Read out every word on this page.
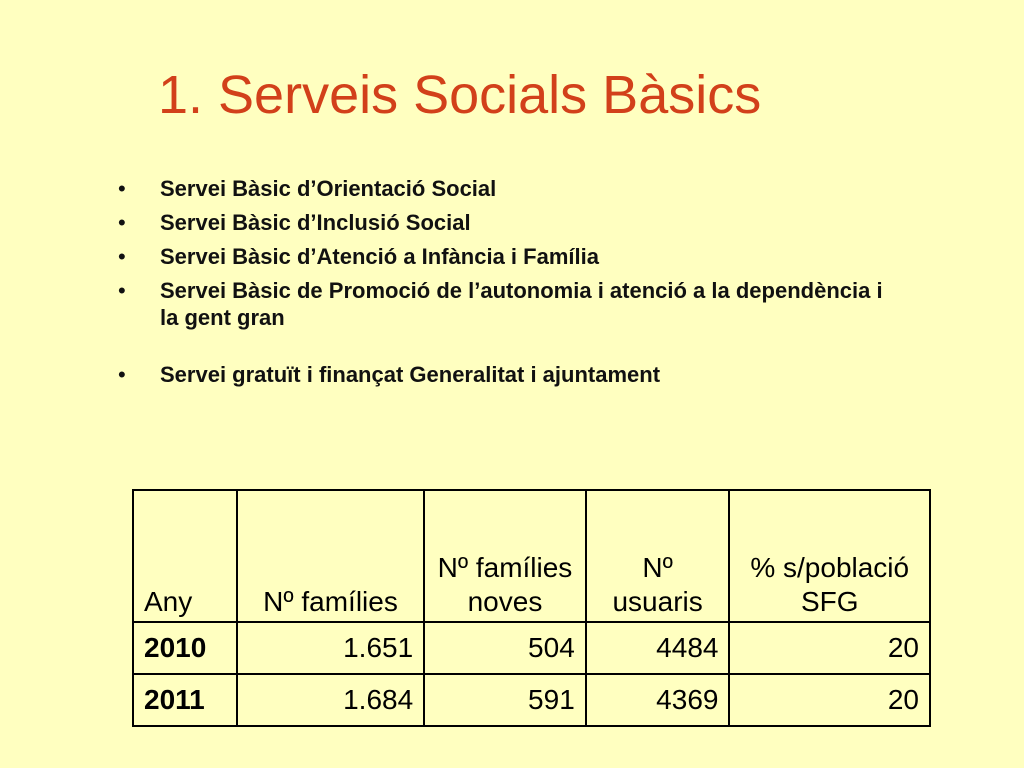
1. Serveis Socials Bàsics
• Servei Bàsic d’Orientació Social
• Servei Bàsic d’Inclusió Social
• Servei Bàsic d’Atenció a Infància i Família
• Servei Bàsic de Promoció de l’autonomia i atenció a la dependència i la gent gran
• Servei gratuït i finançat Generalitat i ajuntament
Any	Nº famílies	Nº famílies noves	Nº usuaris	% s/població SFG
2010	1.651	504	4484	20
2011	1.684	591	4369	20
